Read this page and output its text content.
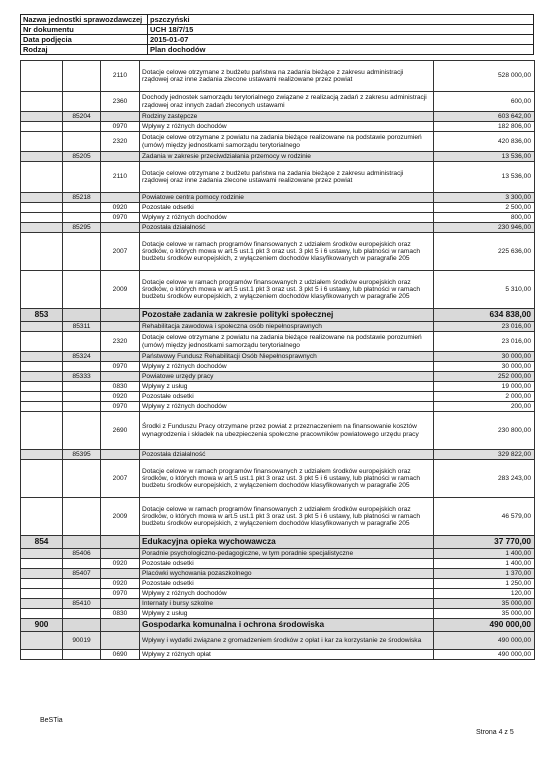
Nazwa jednostki sprawozdawczej	pszczyński
Nr dokumentu	UCH 18/7/15
Data podjęcia	2015-01-07
Rodzaj	Plan dochodów
		2110	Dotacje celowe otrzymane z budżetu państwa na zadania bieżące z zakresu administracji rządowej oraz inne zadania zlecone ustawami realizowane przez powiat	528 000,00
		2360	Dochody jednostek samorządu terytorialnego związane z realizacją zadań z zakresu administracji rządowej oraz innych zadań zleconych ustawami	600,00
	85204		Rodziny zastępcze	603 642,00
		0970	Wpływy z różnych dochodów	182 806,00
		2320	Dotacje celowe otrzymane z powiatu na zadania bieżące realizowane na podstawie porozumień (umów) między jednostkami samorządu terytorialnego	420 836,00
	85205		Zadania w zakresie przeciwdziałania przemocy w rodzinie	13 536,00
		2110	Dotacje celowe otrzymane z budżetu państwa na zadania bieżące z zakresu administracji rządowej oraz inne zadania zlecone ustawami realizowane przez powiat	13 536,00
	85218		Powiatowe centra pomocy rodzinie	3 300,00
		0920	Pozostałe odsetki	2 500,00
		0970	Wpływy z różnych dochodów	800,00
	85295		Pozostała działalność	230 946,00
		2007	Dotacje celowe w ramach programów finansowanych z udziałem środków europejskich oraz środków, o których mowa w art.5 ust.1 pkt 3 oraz ust. 3 pkt 5 i 6 ustawy, lub płatności w ramach budżetu środków europejskich, z wyłączeniem dochodów klasyfikowanych w paragrafie 205	225 636,00
		2009	Dotacje celowe w ramach programów finansowanych z udziałem środków europejskich oraz środków, o których mowa w art.5 ust.1 pkt 3 oraz ust. 3 pkt 5 i 6 ustawy, lub płatności w ramach budżetu środków europejskich, z wyłączeniem dochodów klasyfikowanych w paragrafie 205	5 310,00
853			Pozostałe zadania w zakresie polityki społecznej	634 838,00
	85311		Rehabilitacja zawodowa i społeczna osób niepełnosprawnych	23 016,00
		2320	Dotacje celowe otrzymane z powiatu na zadania bieżące realizowane na podstawie porozumień (umów) między jednostkami samorządu terytorialnego	23 016,00
	85324		Państwowy Fundusz Rehabilitacji Osób Niepełnosprawnych	30 000,00
		0970	Wpływy z różnych dochodów	30 000,00
	85333		Powiatowe urzędy pracy	252 000,00
		0830	Wpływy z usług	19 000,00
		0920	Pozostałe odsetki	2 000,00
		0970	Wpływy z różnych dochodów	200,00
		2690	Środki z Funduszu Pracy otrzymane przez powiat z przeznaczeniem na finansowanie kosztów wynagrodzenia i składek na ubezpieczenia społeczne pracowników powiatowego urzędu pracy	230 800,00
	85395		Pozostała działalność	329 822,00
		2007	Dotacje celowe w ramach programów finansowanych z udziałem środków europejskich oraz środków, o których mowa w art.5 ust.1 pkt 3 oraz ust. 3 pkt 5 i 6 ustawy, lub płatności w ramach budżetu środków europejskich, z wyłączeniem dochodów klasyfikowanych w paragrafie 205	283 243,00
		2009	Dotacje celowe w ramach programów finansowanych z udziałem środków europejskich oraz środków, o których mowa w art.5 ust.1 pkt 3 oraz ust. 3 pkt 5 i 6 ustawy, lub płatności w ramach budżetu środków europejskich, z wyłączeniem dochodów klasyfikowanych w paragrafie 205	46 579,00
854			Edukacyjna opieka wychowawcza	37 770,00
	85406		Poradnie psychologiczno-pedagogiczne, w tym poradnie specjalistyczne	1 400,00
		0920	Pozostałe odsetki	1 400,00
	85407		Placówki wychowania pozaszkolnego	1 370,00
		0920	Pozostałe odsetki	1 250,00
		0970	Wpływy z różnych dochodów	120,00
	85410		Internaty i bursy szkolne	35 000,00
		0830	Wpływy z usług	35 000,00
900			Gospodarka komunalna i ochrona środowiska	490 000,00
	90019		Wpływy i wydatki związane z gromadzeniem środków z opłat i kar za korzystanie ze środowiska	490 000,00
		0690	Wpływy z różnych opłat	490 000,00
BeSTia
Strona 4 z 5
